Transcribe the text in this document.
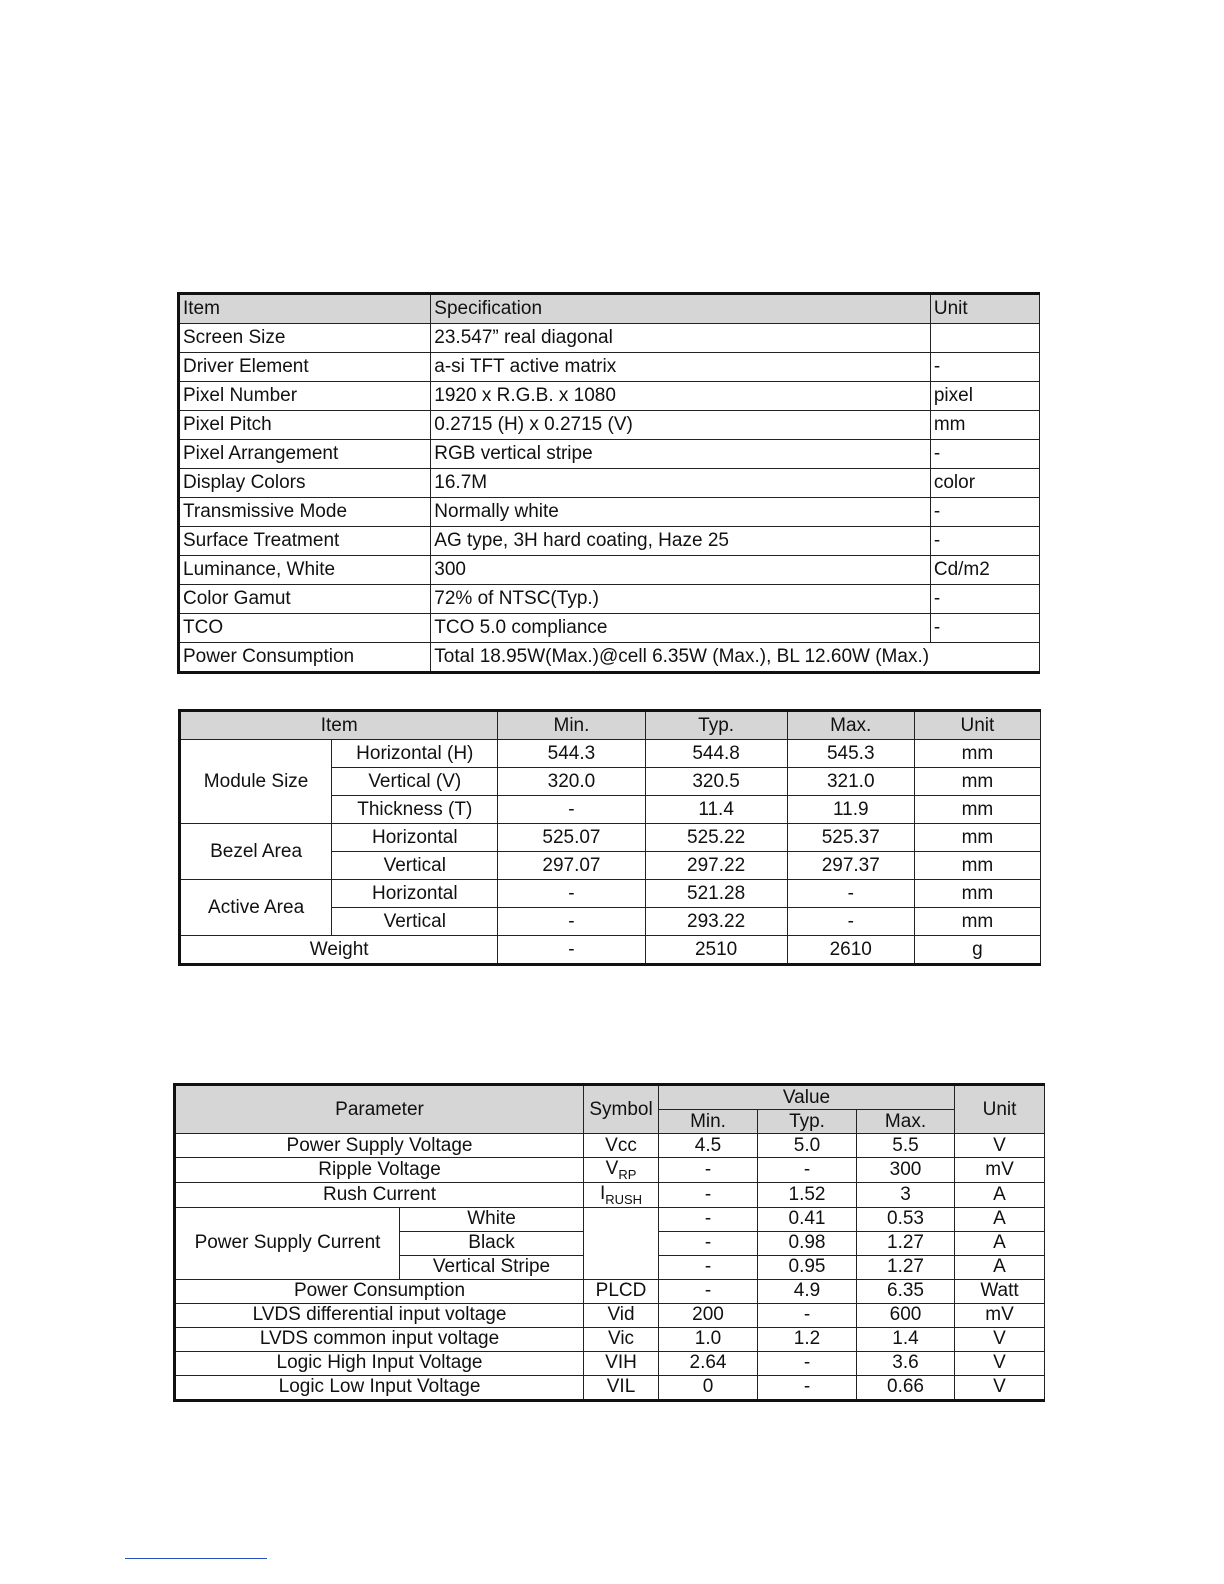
Item	Specification	Unit
Screen Size	23.547” real diagonal	
Driver Element	a-si TFT active matrix	-
Pixel Number	1920 x R.G.B. x 1080	pixel
Pixel Pitch	0.2715 (H) x 0.2715 (V)	mm
Pixel Arrangement	RGB vertical stripe	-
Display Colors	16.7M	color
Transmissive Mode	Normally white	-
Surface Treatment	AG type, 3H hard coating, Haze 25	-
Luminance, White	300	Cd/m2
Color Gamut	72% of NTSC(Typ.)	-
TCO	TCO 5.0 compliance	-
Power Consumption	Total 18.95W(Max.)@cell 6.35W (Max.), BL 12.60W (Max.)	
Item		Min.	Typ.	Max.	Unit
Module Size	Horizontal (H)	544.3	544.8	545.3	mm
	Vertical (V)	320.0	320.5	321.0	mm
	Thickness (T)	-	11.4	11.9	mm
Bezel Area	Horizontal	525.07	525.22	525.37	mm
	Vertical	297.07	297.22	297.37	mm
Active Area	Horizontal	-	521.28	-	mm
	Vertical	-	293.22	-	mm
Weight		-	2510	2610	g
Parameter		Symbol	Value			Unit
			Min.	Typ.	Max.	
Power Supply Voltage		Vcc	4.5	5.0	5.5	V
Ripple Voltage		$V_{RP}$	-	-	300	mV
Rush Current		$I_{RUSH}$	-	1.52	3	A
Power Supply Current	White		-	0.41	0.53	A
	Black		-	0.98	1.27	A
	Vertical Stripe		-	0.95	1.27	A
Power Consumption		PLCD	-	4.9	6.35	Watt
LVDS differential input voltage		Vid	200	-	600	mV
LVDS common input voltage		Vic	1.0	1.2	1.4	V
Logic High Input Voltage		VIH	2.64	-	3.6	V
Logic Low Input Voltage		VIL	0	-	0.66	V
